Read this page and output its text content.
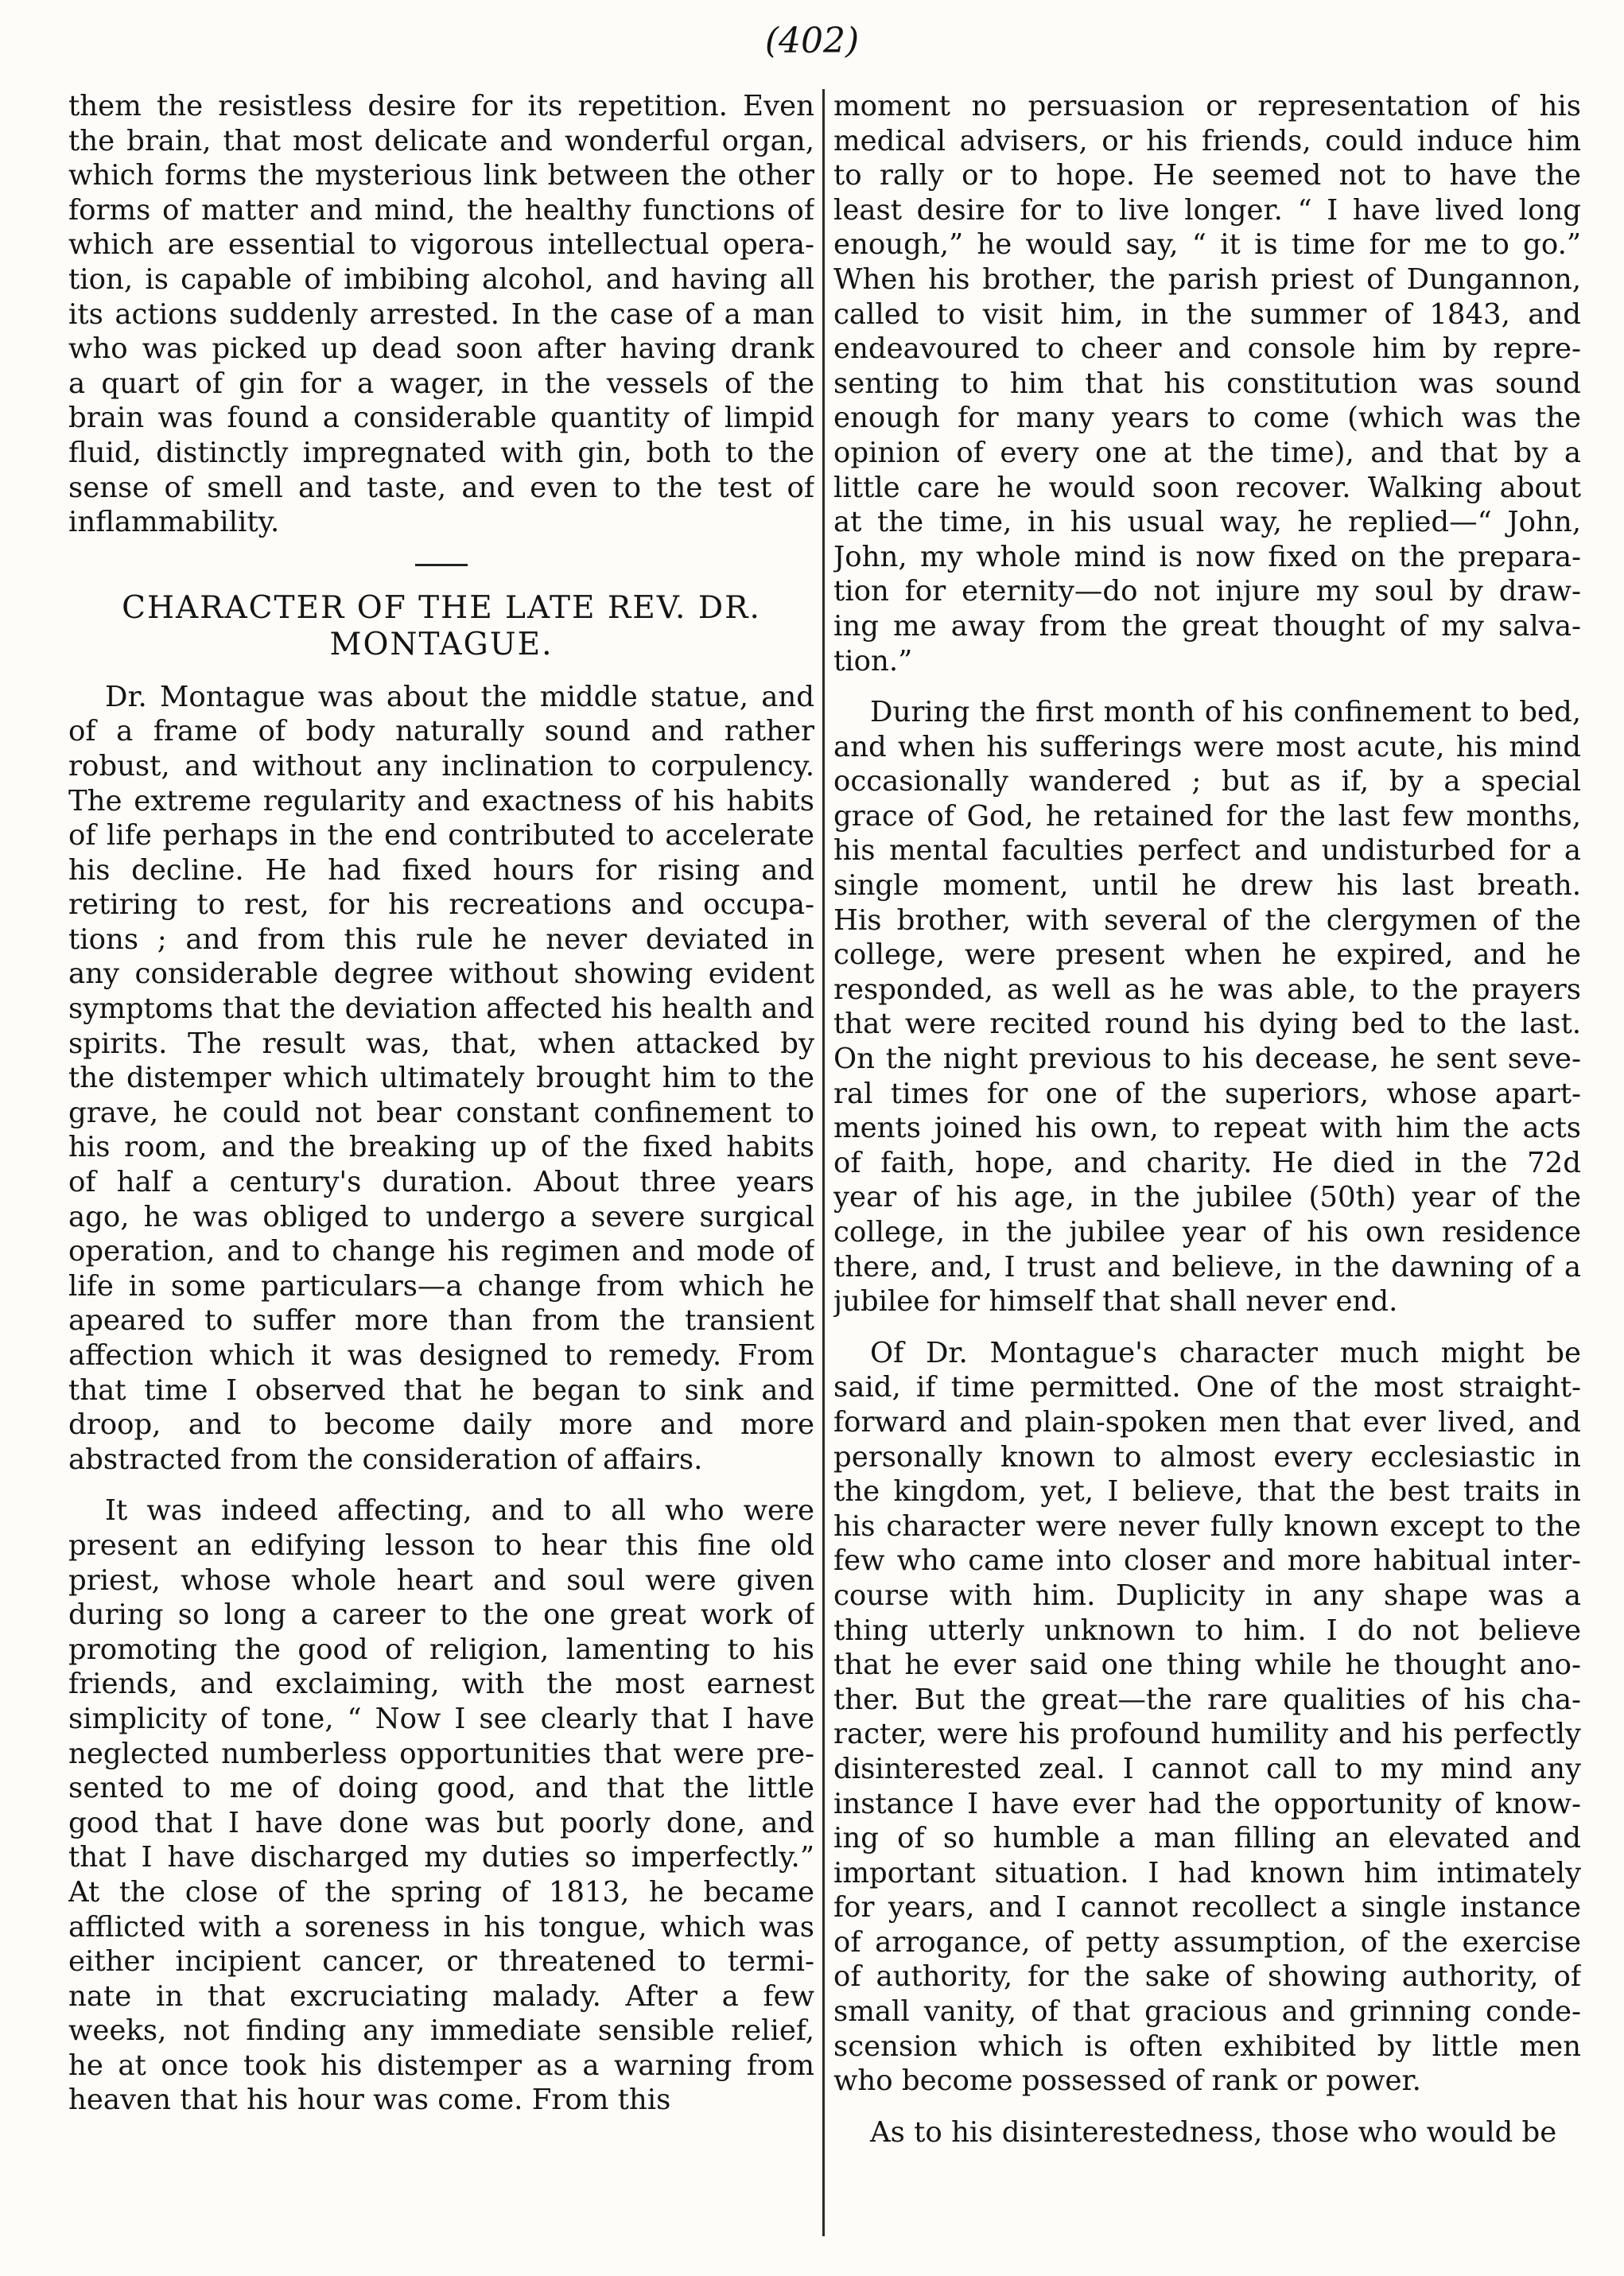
(402)
them the resistless desire for its repetition. Even
the brain, that most delicate and wonderful organ,
which forms the mysterious link between the other
forms of matter and mind, the healthy functions of
which are essential to vigorous intellectual opera-
tion, is capable of imbibing alcohol, and having all
its actions suddenly arrested. In the case of a man
who was picked up dead soon after having drank
a quart of gin for a wager, in the vessels of the
brain was found a considerable quantity of limpid
fluid, distinctly impregnated with gin, both to the
sense of smell and taste, and even to the test of
inflammability.
CHARACTER OF THE LATE REV. DR.
MONTAGUE.
Dr. Montague was about the middle statue, and
of a frame of body naturally sound and rather
robust, and without any inclination to corpulency.
The extreme regularity and exactness of his habits
of life perhaps in the end contributed to accelerate
his decline. He had fixed hours for rising and
retiring to rest, for his recreations and occupa-
tions ; and from this rule he never deviated in
any considerable degree without showing evident
symptoms that the deviation affected his health and
spirits. The result was, that, when attacked by
the distemper which ultimately brought him to the
grave, he could not bear constant confinement to
his room, and the breaking up of the fixed habits
of half a century's duration. About three years
ago, he was obliged to undergo a severe surgical
operation, and to change his regimen and mode of
life in some particulars—a change from which he
apeared to suffer more than from the transient
affection which it was designed to remedy. From
that time I observed that he began to sink and
droop, and to become daily more and more
abstracted from the consideration of affairs.
It was indeed affecting, and to all who were
present an edifying lesson to hear this fine old
priest, whose whole heart and soul were given
during so long a career to the one great work of
promoting the good of religion, lamenting to his
friends, and exclaiming, with the most earnest
simplicity of tone, “ Now I see clearly that I have
neglected numberless opportunities that were pre-
sented to me of doing good, and that the little
good that I have done was but poorly done, and
that I have discharged my duties so imperfectly.”
At the close of the spring of 1813, he became
afflicted with a soreness in his tongue, which was
either incipient cancer, or threatened to termi-
nate in that excruciating malady. After a few
weeks, not finding any immediate sensible relief,
he at once took his distemper as a warning from
heaven that his hour was come. From this
moment no persuasion or representation of his
medical advisers, or his friends, could induce him
to rally or to hope. He seemed not to have the
least desire for to live longer. “ I have lived long
enough,” he would say, “ it is time for me to go.”
When his brother, the parish priest of Dungannon,
called to visit him, in the summer of 1843, and
endeavoured to cheer and console him by repre-
senting to him that his constitution was sound
enough for many years to come (which was the
opinion of every one at the time), and that by a
little care he would soon recover. Walking about
at the time, in his usual way, he replied—“ John,
John, my whole mind is now fixed on the prepara-
tion for eternity—do not injure my soul by draw-
ing me away from the great thought of my salva-
tion.”
During the first month of his confinement to bed,
and when his sufferings were most acute, his mind
occasionally wandered ; but as if, by a special
grace of God, he retained for the last few months,
his mental faculties perfect and undisturbed for a
single moment, until he drew his last breath.
His brother, with several of the clergymen of the
college, were present when he expired, and he
responded, as well as he was able, to the prayers
that were recited round his dying bed to the last.
On the night previous to his decease, he sent seve-
ral times for one of the superiors, whose apart-
ments joined his own, to repeat with him the acts
of faith, hope, and charity. He died in the 72d
year of his age, in the jubilee (50th) year of the
college, in the jubilee year of his own residence
there, and, I trust and believe, in the dawning of a
jubilee for himself that shall never end.
Of Dr. Montague's character much might be
said, if time permitted. One of the most straight-
forward and plain-spoken men that ever lived, and
personally known to almost every ecclesiastic in
the kingdom, yet, I believe, that the best traits in
his character were never fully known except to the
few who came into closer and more habitual inter-
course with him. Duplicity in any shape was a
thing utterly unknown to him. I do not believe
that he ever said one thing while he thought ano-
ther. But the great—the rare qualities of his cha-
racter, were his profound humility and his perfectly
disinterested zeal. I cannot call to my mind any
instance I have ever had the opportunity of know-
ing of so humble a man filling an elevated and
important situation. I had known him intimately
for years, and I cannot recollect a single instance
of arrogance, of petty assumption, of the exercise
of authority, for the sake of showing authority, of
small vanity, of that gracious and grinning conde-
scension which is often exhibited by little men
who become possessed of rank or power.
As to his disinterestedness, those who would be
